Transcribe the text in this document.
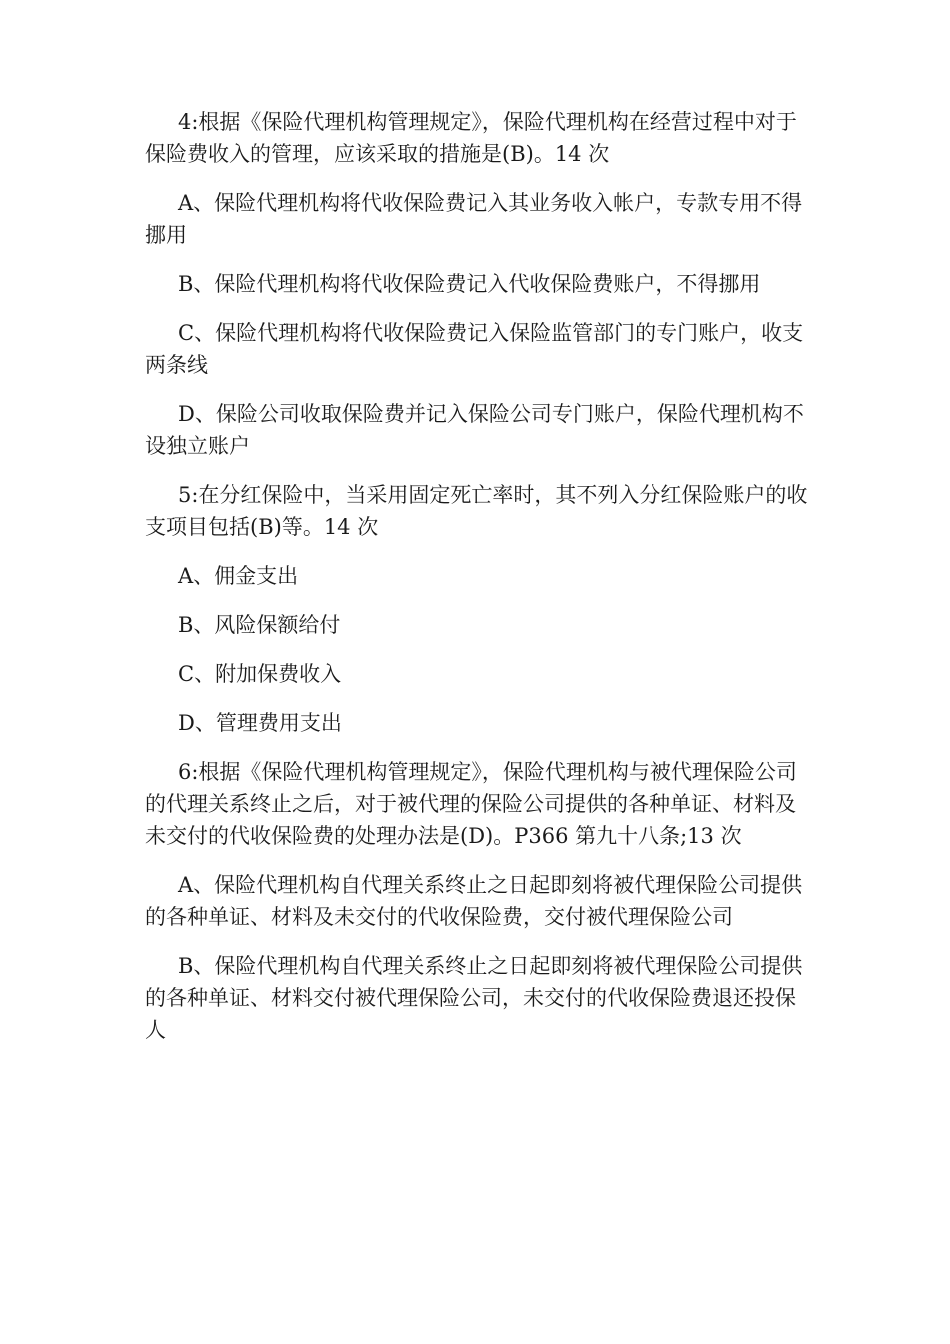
4:根据《保险代理机构管理规定》，保险代理机构在经营过程中对于保险费收入的管理，应该采取的措施是(B)。14 次

A、保险代理机构将代收保险费记入其业务收入帐户，专款专用不得挪用

B、保险代理机构将代收保险费记入代收保险费账户，不得挪用

C、保险代理机构将代收保险费记入保险监管部门的专门账户，收支两条线

D、保险公司收取保险费并记入保险公司专门账户，保险代理机构不设独立账户

5:在分红保险中，当采用固定死亡率时，其不列入分红保险账户的收支项目包括(B)等。14 次

A、佣金支出

B、风险保额给付

C、附加保费收入

D、管理费用支出

6:根据《保险代理机构管理规定》，保险代理机构与被代理保险公司的代理关系终止之后，对于被代理的保险公司提供的各种单证、材料及未交付的代收保险费的处理办法是(D)。P366 第九十八条;13 次

A、保险代理机构自代理关系终止之日起即刻将被代理保险公司提供的各种单证、材料及未交付的代收保险费，交付被代理保险公司

B、保险代理机构自代理关系终止之日起即刻将被代理保险公司提供的各种单证、材料交付被代理保险公司，未交付的代收保险费退还投保人
